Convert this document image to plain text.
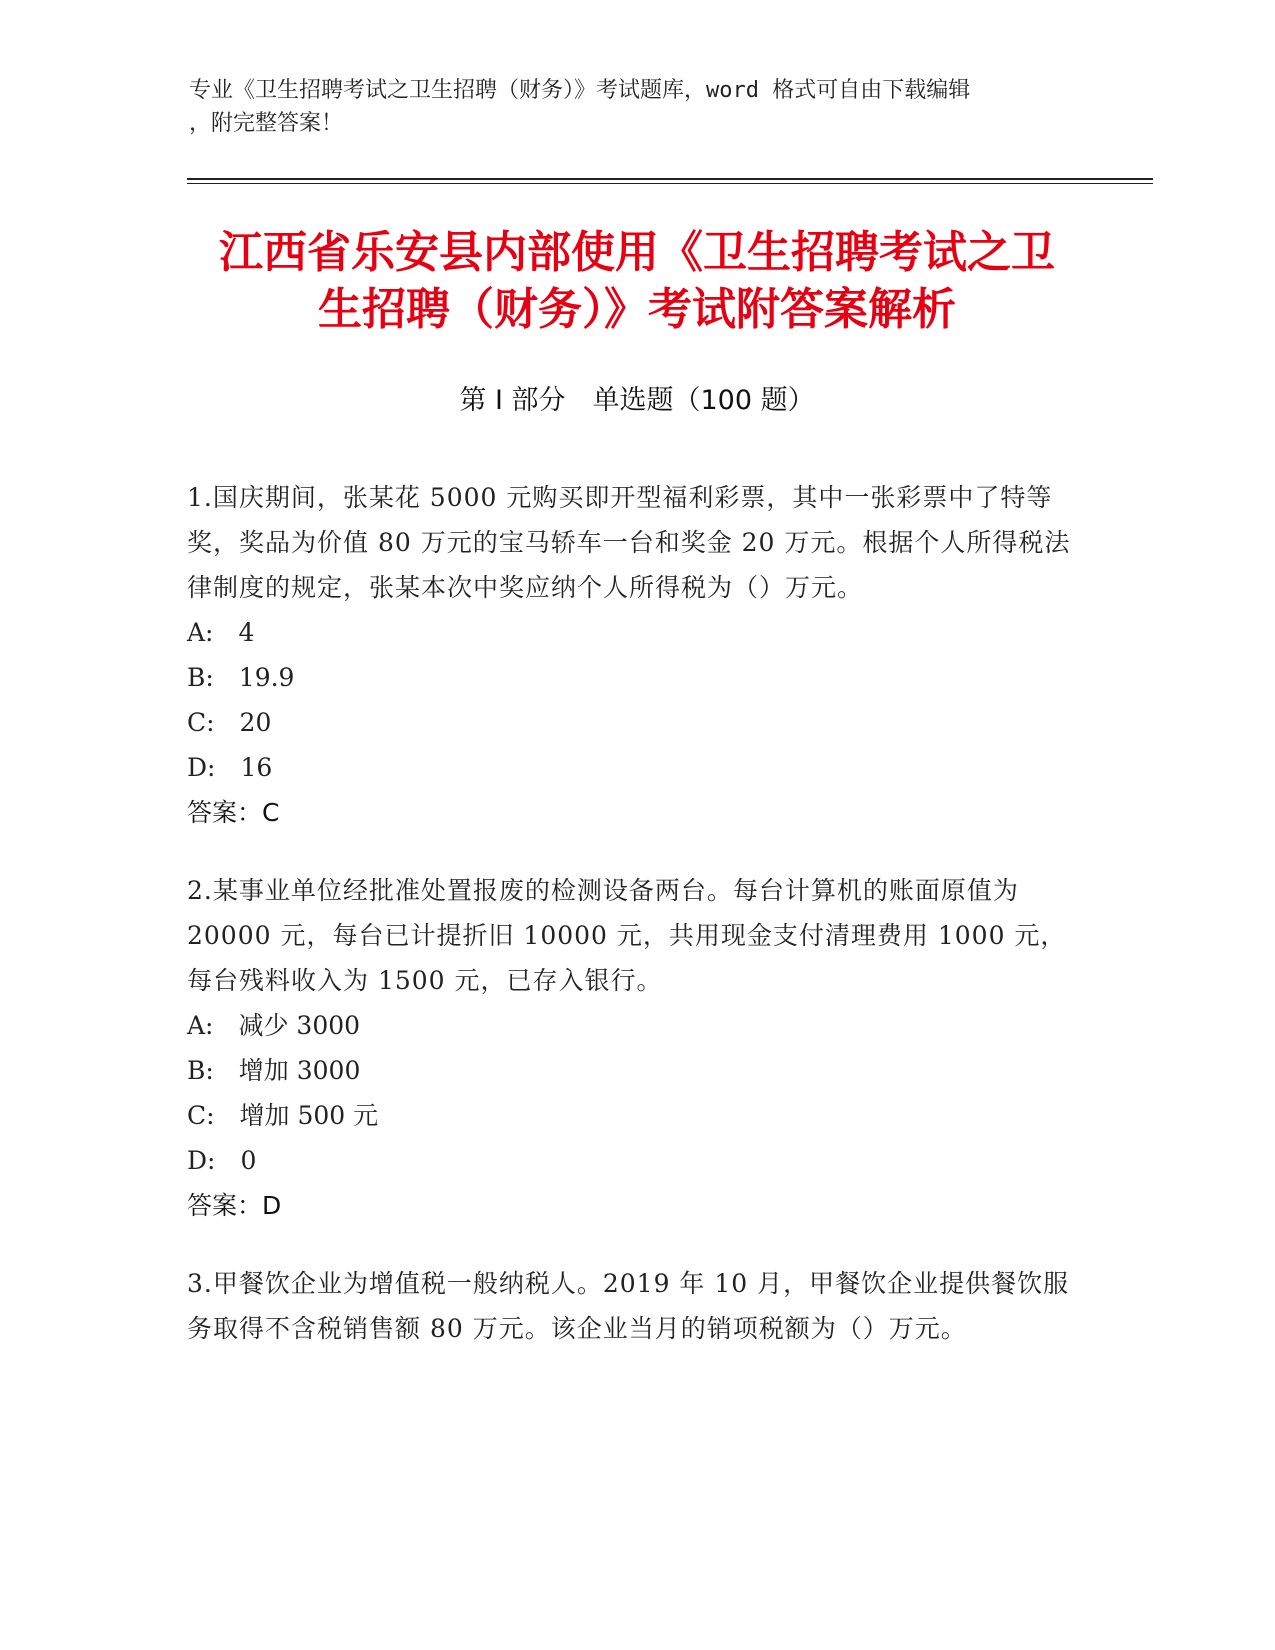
专业《卫生招聘考试之卫生招聘（财务）》考试题库，word 格式可自由下载编辑
，附完整答案！
江西省乐安县内部使用《卫生招聘考试之卫
生招聘（财务）》考试附答案解析
第 I 部分　单选题（100 题）
1.国庆期间，张某花 5000 元购买即开型福利彩票，其中一张彩票中了特等奖，奖品为价值 80 万元的宝马轿车一台和奖金 20 万元。根据个人所得税法律制度的规定，张某本次中奖应纳个人所得税为（）万元。
A:　4
B:　19.9
C:　20
D:　16
答案：C
2.某事业单位经批准处置报废的检测设备两台。每台计算机的账面原值为 20000 元，每台已计提折旧 10000 元，共用现金支付清理费用 1000 元，每台残料收入为 1500 元，已存入银行。
A:　减少 3000
B:　增加 3000
C:　增加 500 元
D:　0
答案：D
3.甲餐饮企业为增值税一般纳税人。2019 年 10 月，甲餐饮企业提供餐饮服务取得不含税销售额 80 万元。该企业当月的销项税额为（）万元。
